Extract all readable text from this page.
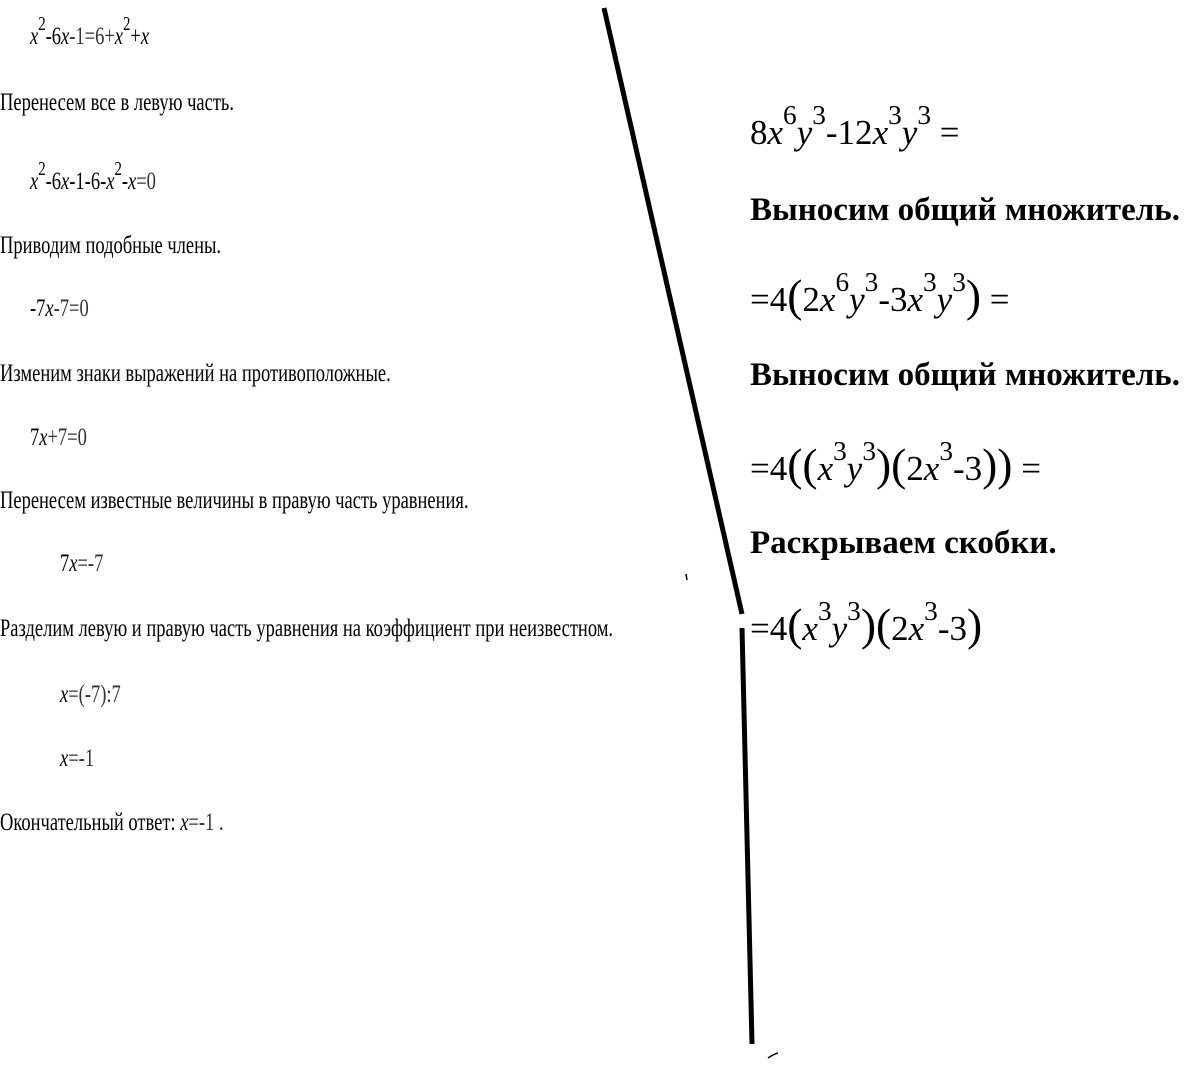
$x^2-6x-1=6+x^2+x$
Перенесем все в левую часть.
$x^2-6x-1-6-x^2-x=0$
Приводим подобные члены.
-7x-7=0
Изменим знаки выражений на противоположные.
7x+7=0
Перенесем известные величины в правую часть уравнения.
7x=-7
Разделим левую и правую часть уравнения на коэффициент при неизвестном.
x=(-7):7
x=-1
Окончательный ответ: x=-1 .
$8x^6y^3-12x^3y^3$ =
Выносим общий множитель.
$=4(2x^6y^3-3x^3y^3)$ =
Выносим общий множитель.
$=4((x^3y^3)(2x^3-3))$ =
Раскрываем скобки.
$=4(x^3y^3)(2x^3-3)$
